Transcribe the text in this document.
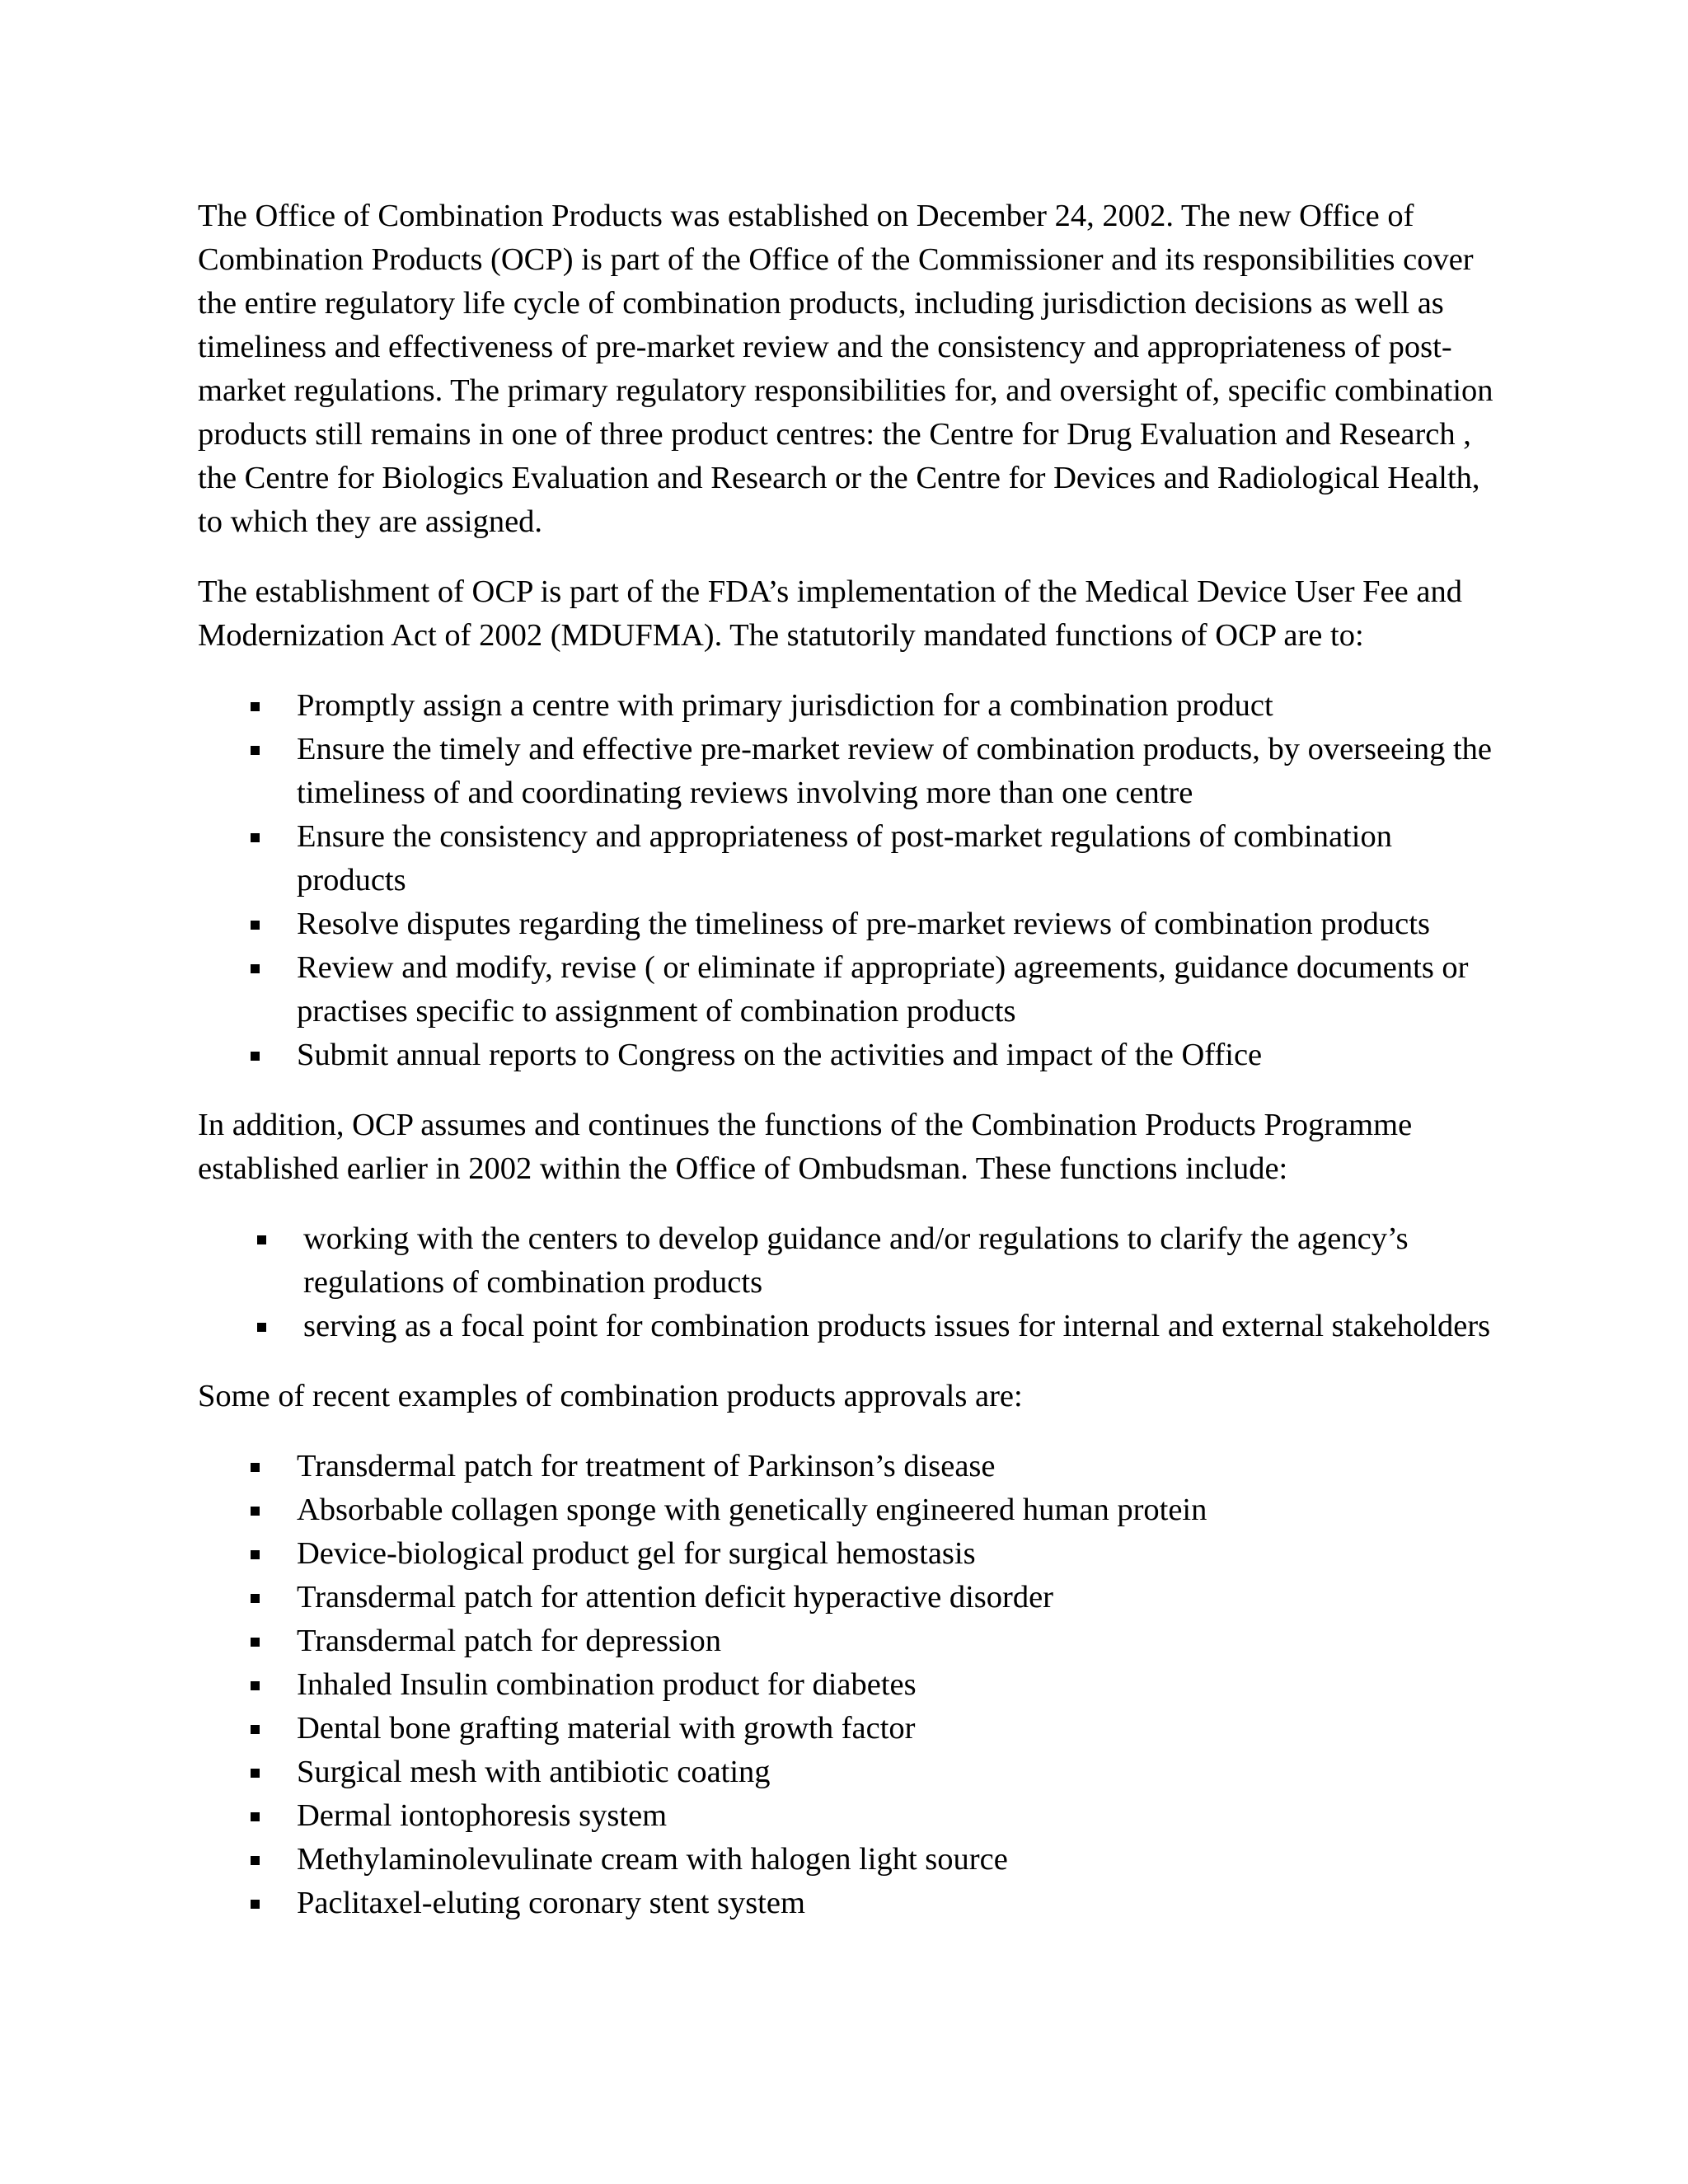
The Office of Combination Products was established on December 24, 2002. The new Office of Combination Products (OCP) is part of the Office of the Commissioner and its responsibilities cover the entire regulatory life cycle of combination products, including jurisdiction decisions as well as timeliness and effectiveness of pre-market review and the consistency and appropriateness of post-market regulations. The primary regulatory responsibilities for, and oversight of, specific combination products still remains in one of three product centres: the Centre for Drug Evaluation and Research , the Centre for Biologics Evaluation and Research or the Centre for Devices and Radiological Health, to which they are assigned.

The establishment of OCP is part of the FDA’s implementation of the Medical Device User Fee and Modernization Act of 2002 (MDUFMA). The statutorily mandated functions of OCP are to:

Promptly assign a centre with primary jurisdiction for a combination product
Ensure the timely and effective pre-market review of combination products, by overseeing the timeliness of and coordinating reviews involving more than one centre
Ensure the consistency and appropriateness of post-market regulations of combination products
Resolve disputes regarding the timeliness of pre-market reviews of combination products
Review and modify, revise ( or eliminate if appropriate) agreements, guidance documents or practises specific to assignment of combination products
Submit annual reports to Congress on the activities and impact of the Office

In addition, OCP assumes and continues the functions of the Combination Products Programme established earlier in 2002 within the Office of Ombudsman. These functions include:

working with the centers to develop guidance and/or regulations to clarify the agency’s regulations of combination products
serving as a focal point for combination products issues for internal and external stakeholders

Some of recent examples of combination products approvals are:

Transdermal patch for treatment of Parkinson’s disease
Absorbable collagen sponge with genetically engineered human protein
Device-biological product gel for surgical hemostasis
Transdermal patch for attention deficit hyperactive disorder
Transdermal patch for depression
Inhaled Insulin combination product for diabetes
Dental bone grafting material with growth factor
Surgical mesh with antibiotic coating
Dermal iontophoresis system
Methylaminolevulinate cream with halogen light source
Paclitaxel-eluting coronary stent system
